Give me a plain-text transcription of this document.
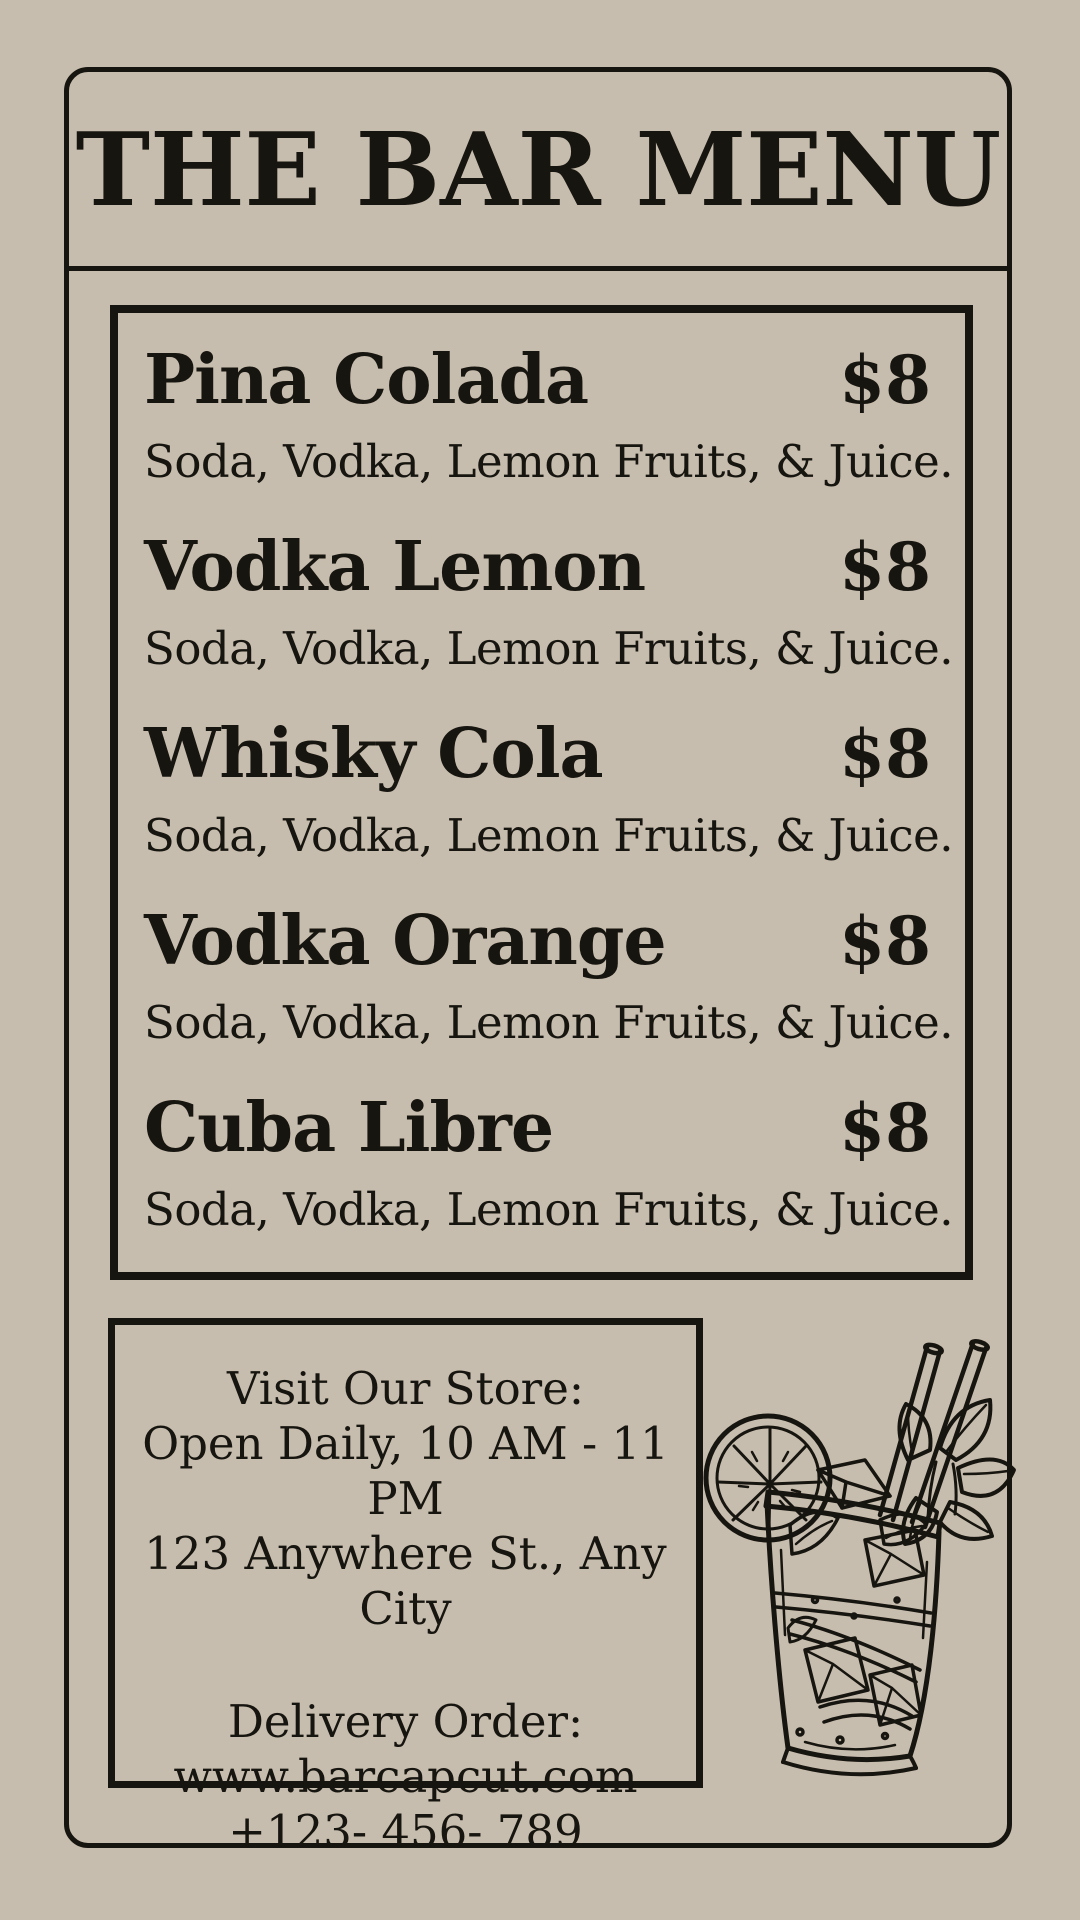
THE BAR MENU
Pina Colada	$8
Soda, Vodka, Lemon Fruits, & Juice.
Vodka Lemon	$8
Soda, Vodka, Lemon Fruits, & Juice.
Whisky Cola	$8
Soda, Vodka, Lemon Fruits, & Juice.
Vodka Orange	$8
Soda, Vodka, Lemon Fruits, & Juice.
Cuba Libre	$8
Soda, Vodka, Lemon Fruits, & Juice.
Visit Our Store:
Open Daily, 10 AM - 11 PM
123 Anywhere St., Any City
Delivery Order:
www.barcapcut.com
+123- 456- 789
